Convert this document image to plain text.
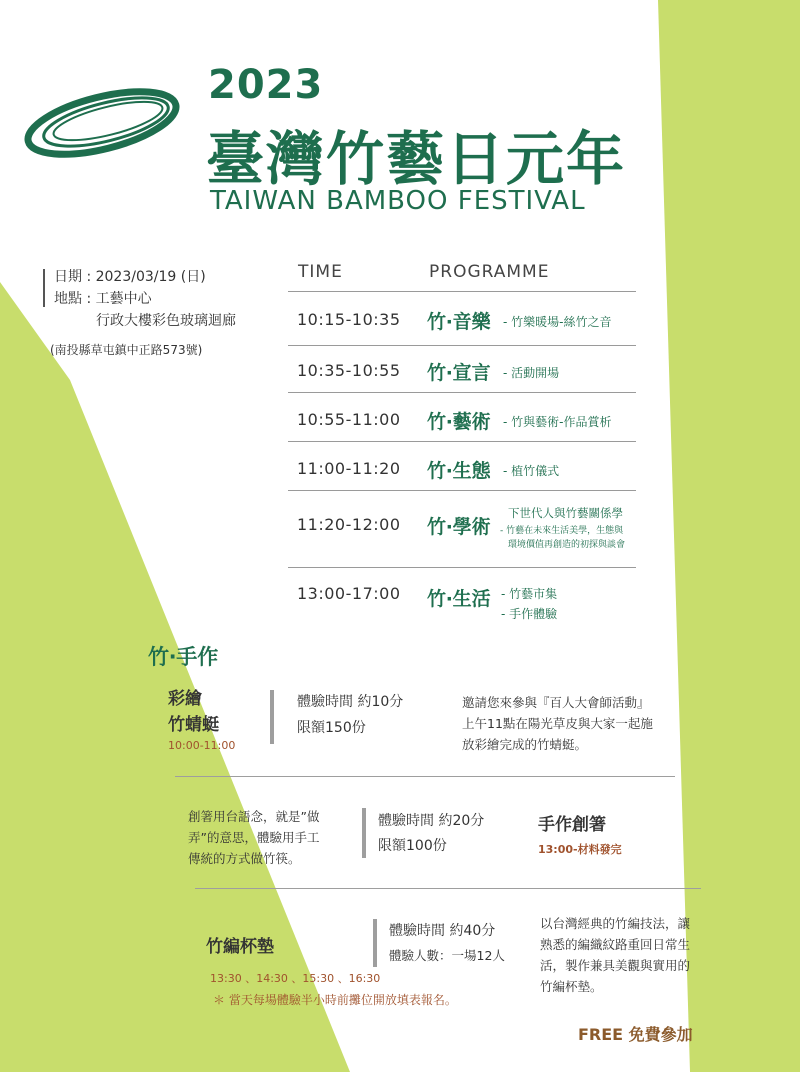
2023
臺灣竹藝日元年
TAIWAN BAMBOO FESTIVAL
日期 : 2023/03/19 (日)
地點 : 工藝中心
行政大樓彩色玻璃迴廊
(南投縣草屯鎮中正路573號)
TIME	PROGRAMME
10:15-10:35 竹‧音樂 - 竹樂暖場-絲竹之音
10:35-10:55 竹‧宣言 - 活動開場
10:55-11:00 竹‧藝術 - 竹與藝術-作品賞析
11:00-11:20 竹‧生態 - 植竹儀式
11:20-12:00 竹‧學術
下世代人與竹藝關係學
- 竹藝在未來生活美學，生態與
環境價值再創造的初探與談會
13:00-17:00 竹‧生活 - 竹藝市集
- 手作體驗
竹‧手作
彩繪
竹蜻蜓
10:00-11:00
體驗時間 約10分
限額150份
邀請您來參與『百人大會師活動』
上午11點在陽光草皮與大家一起施
放彩繪完成的竹蜻蜓。
創箸用台語念，就是”做
弄”的意思，體驗用手工
傳統的方式做竹筷。
體驗時間 約20分
限額100份
手作創箸
13:00-材料發完
竹編杯墊
13:30 、14:30 、15:30 、16:30
體驗時間 約40分
體驗人數：一場12人
以台灣經典的竹編技法，讓
熟悉的編織紋路重回日常生
活，製作兼具美觀與實用的
竹編杯墊。
＊ 當天每場體驗半小時前攤位開放填表報名。
FREE 免費參加
